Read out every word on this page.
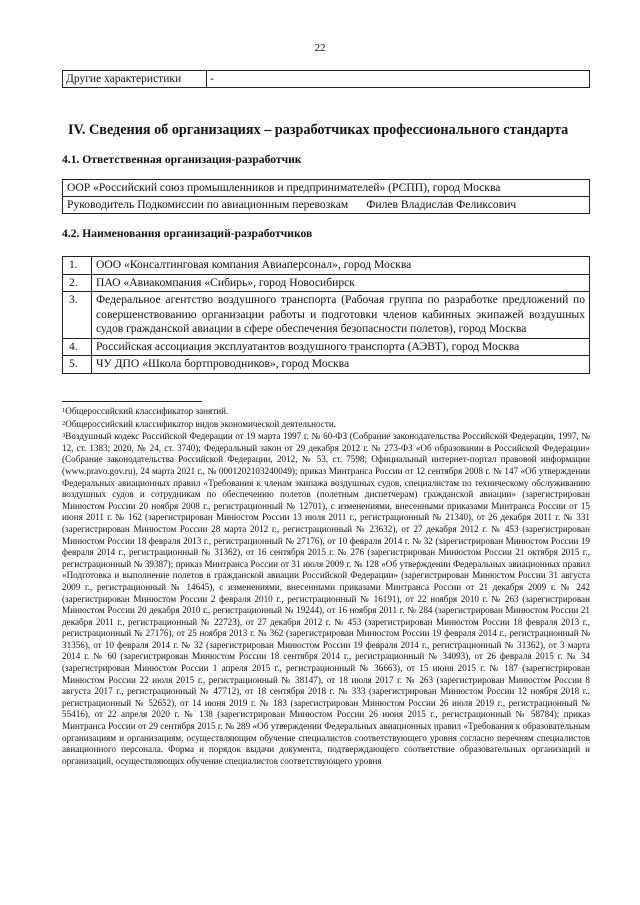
22
Другие характеристики	-
IV. Сведения об организациях – разработчиках профессионального стандарта
4.1. Ответственная организация-разработчик
ООР «Российский союз промышленников и предпринимателей» (РСПП), город Москва
Руководитель Подкомиссии по авиационным перевозкам Филев Владислав Феликсович
4.2. Наименования организаций-разработчиков
1.	ООО «Консалтинговая компания Авиаперсонал», город Москва
2.	ПАО «Авиакомпания «Сибирь», город Новосибирск
3.	Федеральное агентство воздушного транспорта (Рабочая группа по разработке предложений по совершенствованию организации работы и подготовки членов кабинных экипажей воздушных судов гражданской авиации в сфере обеспечения безопасности полетов), город Москва
4.	Российская ассоциация эксплуатантов воздушного транспорта (АЭВТ), город Москва
5.	ЧУ ДПО «Школа бортпроводников», город Москва

$^1$Общероссийский классификатор занятий.

$^2$Общероссийский классификатор видов экономической деятельности.

$^3$Воздушный кодекс Российской Федерации от 19 марта 1997 г. № 60-ФЗ (Собрание законодательства Российской Федерации, 1997, № 12, ст. 1383; 2020, № 24, ст. 3740); Федеральный закон от 29 декабря 2012 г. № 273-ФЗ «Об образовании в Российской Федерации» (Собрание законодательства Российской Федерации, 2012, № 53, ст. 7598; Официальный интернет-портал правовой информации (www.pravo.gov.ru), 24 марта 2021 г., № 0001202103240049); приказ Минтранса России от 12 сентября 2008 г. № 147 «Об утверждении Федеральных авиационных правил «Требования к членам экипажа воздушных судов, специалистам по техническому обслуживанию воздушных судов и сотрудникам по обеспечению полетов (полетным диспетчерам) гражданской авиации» (зарегистрирован Минюстом России 20 ноября 2008 г., регистрационный № 12701), с изменениями, внесенными приказами Минтранса России от 15 июня 2011 г. № 162 (зарегистрирован Минюстом России 13 июля 2011 г., регистрационный № 21340), от 26 декабря 2011 г. № 331 (зарегистрирован Минюстом России 28 марта 2012 г., регистрационный № 23632), от 27 декабря 2012 г. № 453 (зарегистрирован Минюстом России 18 февраля 2013 г., регистрационный № 27176), от 10 февраля 2014 г. № 32 (зарегистрирован Минюстом России 19 февраля 2014 г., регистрационный № 31362), от 16 сентября 2015 г. № 276 (зарегистрирован Минюстом России 21 октября 2015 г., регистрационный № 39387); приказ Минтранса России от 31 июля 2009 г. № 128 «Об утверждении Федеральных авиационных правил «Подготовка и выполнение полетов в гражданской авиации Российской Федерации» (зарегистрирован Минюстом России 31 августа 2009 г., регистрационный № 14645), с изменениями, внесенными приказами Минтранса России от 21 декабря 2009 г. № 242 (зарегистрирован Минюстом России 2 февраля 2010 г., регистрационный № 16191), от 22 ноября 2010 г. № 263 (зарегистрирован Минюстом России 20 декабря 2010 г., регистрационный № 19244), от 16 ноября 2011 г. № 284 (зарегистрирован Минюстом России 21 декабря 2011 г., регистрационный № 22723), от 27 декабря 2012 г. № 453 (зарегистрирован Минюстом России 18 февраля 2013 г., регистрационный № 27176), от 25 ноября 2013 г. № 362 (зарегистрирован Минюстом России 19 февраля 2014 г., регистрационный № 31356), от 10 февраля 2014 г. № 32 (зарегистрирован Минюстом России 19 февраля 2014 г., регистрационный № 31362), от 3 марта 2014 г. № 60 (зарегистрирован Минюстом России 18 сентября 2014 г., регистрационный № 34093), от 26 февраля 2015 г. № 34 (зарегистрирован Минюстом России 1 апреля 2015 г., регистрационный № 36663), от 15 июня 2015 г. № 187 (зарегистрирован Минюстом России 22 июля 2015 г., регистрационный № 38147), от 18 июля 2017 г. № 263 (зарегистрирован Минюстом России 8 августа 2017 г., регистрационный № 47712), от 18 сентября 2018 г. № 333 (зарегистрирован Минюстом России 12 ноября 2018 г., регистрационный № 52652), от 14 июня 2019 г. № 183 (зарегистрирован Минюстом России 26 июля 2019 г., регистрационный № 55416), от 22 апреля 2020 г. № 138 (зарегистрирован Минюстом России 26 июня 2015 г., регистрационный № 58784); приказ Минтранса России от 29 сентября 2015 г. № 289 «Об утверждении Федеральных авиационных правил «Требования к образовательным организациям и организациям, осуществляющим обучение специалистов соответствующего уровня согласно перечням специалистов авиационного персонала. Форма и порядок выдачи документа, подтверждающего соответствие образовательных организаций и организаций, осуществляющих обучение специалистов соответствующего уровня
